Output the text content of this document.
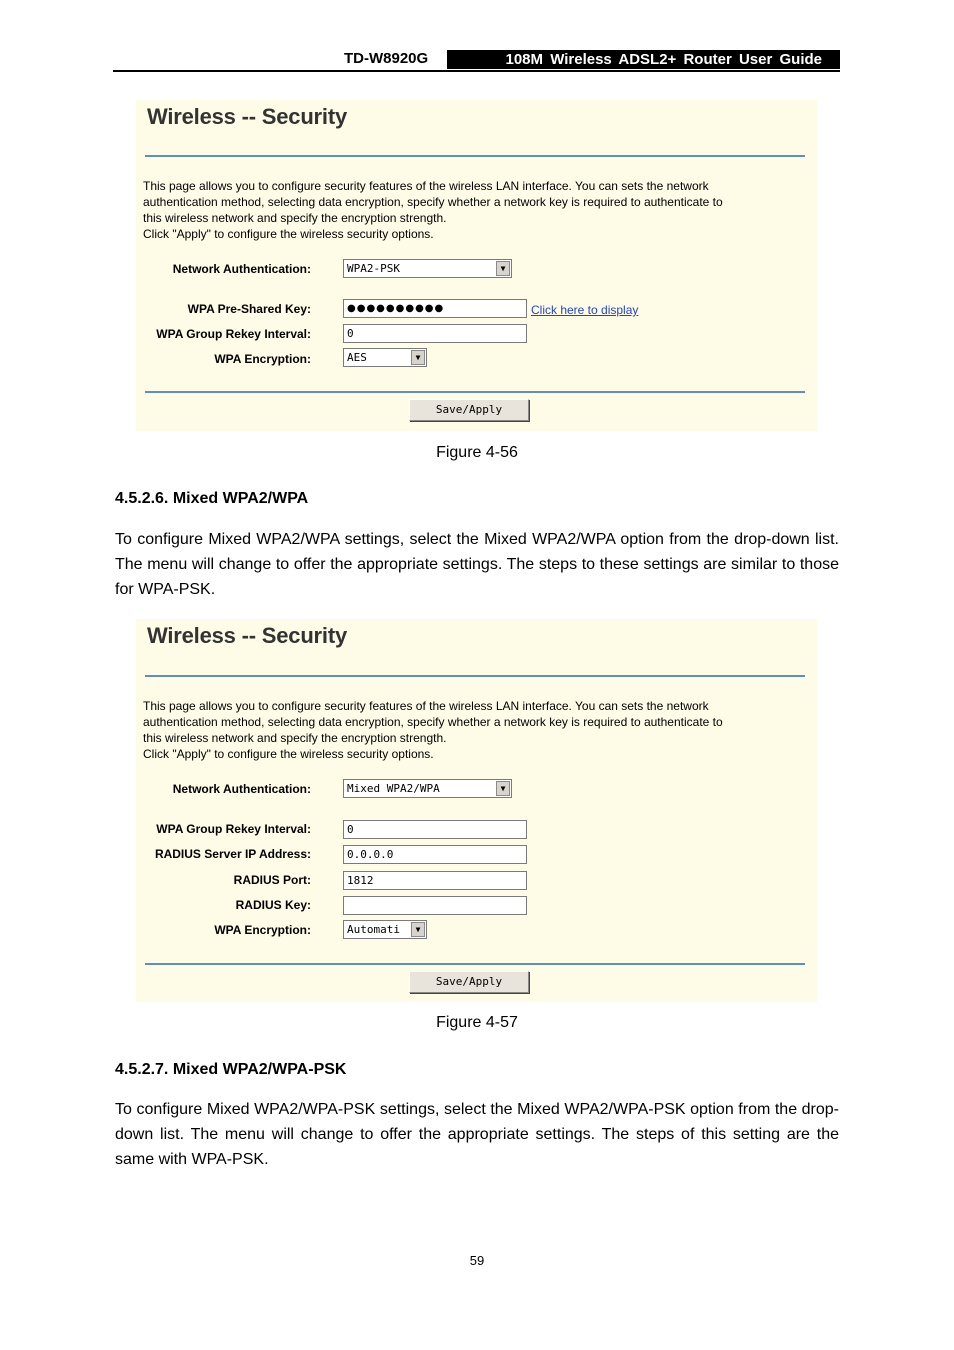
TD-W8920G	108M Wireless ADSL2+ Router User Guide
Wireless -- Security
This page allows you to configure security features of the wireless LAN interface. You can sets the network
authentication method, selecting data encryption, specify whether a network key is required to authenticate to
this wireless network and specify the encryption strength.
Click "Apply" to configure the wireless security options.
Network Authentication:	WPA2-PSK	▼
WPA Pre-Shared Key:	●●●●●●●●●●	Click here to display
WPA Group Rekey Interval:	0
WPA Encryption:	AES	▼
Save/Apply
Figure 4-56
4.5.2.6. Mixed WPA2/WPA
To configure Mixed WPA2/WPA settings, select the Mixed WPA2/WPA option from the drop-down list. The menu will change to offer the appropriate settings. The steps to these settings are similar to those for WPA-PSK.
Wireless -- Security
This page allows you to configure security features of the wireless LAN interface. You can sets the network
authentication method, selecting data encryption, specify whether a network key is required to authenticate to
this wireless network and specify the encryption strength.
Click "Apply" to configure the wireless security options.
Network Authentication:	Mixed WPA2/WPA	▼
WPA Group Rekey Interval:	0
RADIUS Server IP Address:	0.0.0.0
RADIUS Port:	1812
RADIUS Key:
WPA Encryption:	Automati	▼
Save/Apply
Figure 4-57
4.5.2.7. Mixed WPA2/WPA-PSK
To configure Mixed WPA2/WPA-PSK settings, select the Mixed WPA2/WPA-PSK option from the drop-down list. The menu will change to offer the appropriate settings. The steps of this setting are the same with WPA-PSK.
59
